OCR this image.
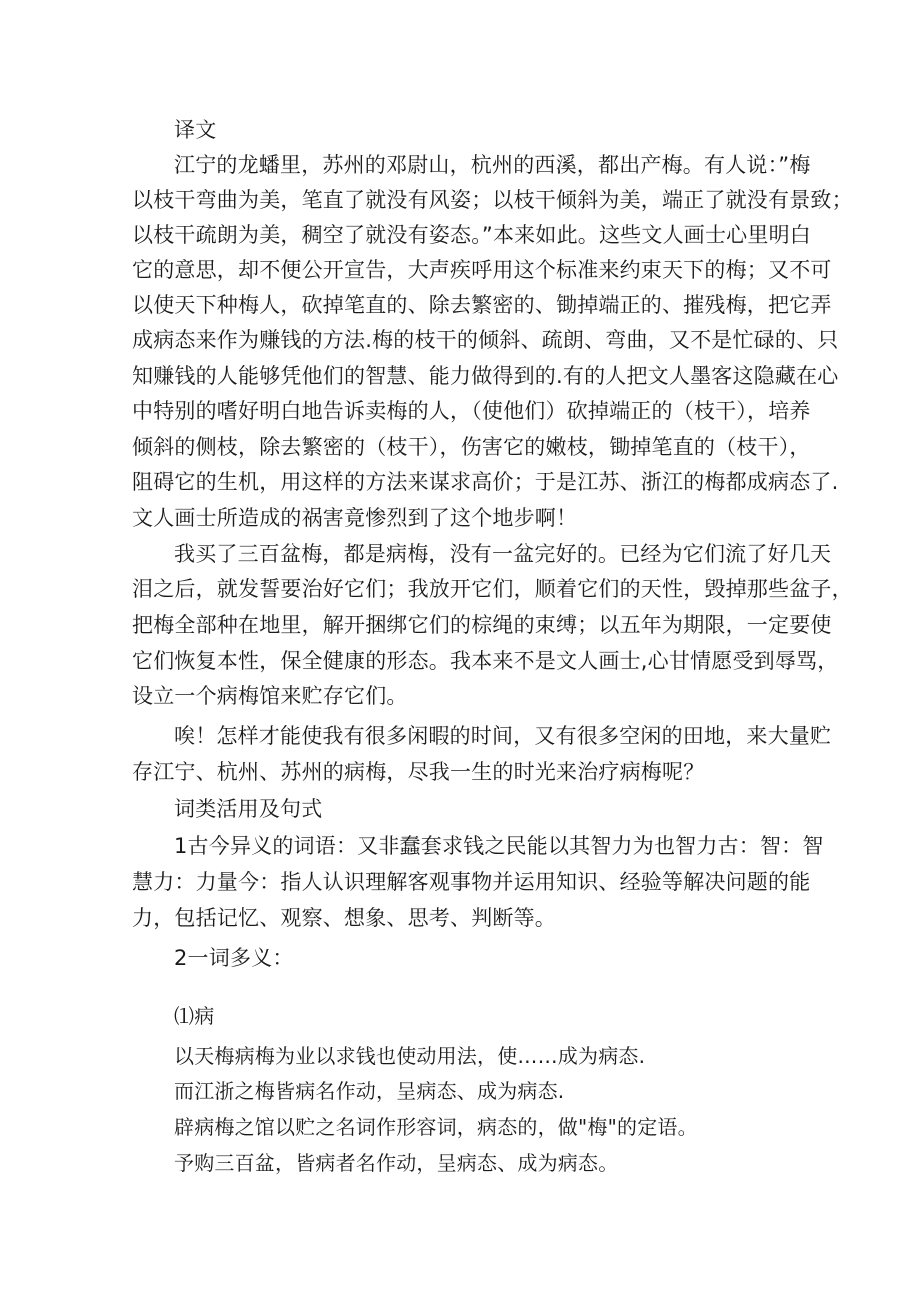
译文
江宁的龙蟠里，苏州的邓尉山，杭州的西溪，都出产梅。有人说：”梅
以枝干弯曲为美，笔直了就没有风姿；以枝干倾斜为美，端正了就没有景致；
以枝干疏朗为美，稠空了就没有姿态。”本来如此。这些文人画士心里明白
它的意思，却不便公开宣告，大声疾呼用这个标准来约束天下的梅；又不可
以使天下种梅人，砍掉笔直的、除去繁密的、锄掉端正的、摧残梅，把它弄
成病态来作为赚钱的方法.梅的枝干的倾斜、疏朗、弯曲，又不是忙碌的、只
知赚钱的人能够凭他们的智慧、能力做得到的.有的人把文人墨客这隐藏在心
中特别的嗜好明白地告诉卖梅的人，（使他们）砍掉端正的（枝干），培养
倾斜的侧枝，除去繁密的（枝干），伤害它的嫩枝，锄掉笔直的（枝干），
阻碍它的生机，用这样的方法来谋求高价；于是江苏、浙江的梅都成病态了.
文人画士所造成的祸害竟惨烈到了这个地步啊！
我买了三百盆梅，都是病梅，没有一盆完好的。已经为它们流了好几天
泪之后，就发誓要治好它们；我放开它们，顺着它们的天性，毁掉那些盆子，
把梅全部种在地里，解开捆绑它们的棕绳的束缚；以五年为期限，一定要使
它们恢复本性，保全健康的形态。我本来不是文人画士,心甘情愿受到辱骂，
设立一个病梅馆来贮存它们。
唉！怎样才能使我有很多闲暇的时间，又有很多空闲的田地，来大量贮
存江宁、杭州、苏州的病梅，尽我一生的时光来治疗病梅呢？
词类活用及句式
1古今异义的词语：又非蠢套求钱之民能以其智力为也智力古：智：智
慧力：力量今：指人认识理解客观事物并运用知识、经验等解决问题的能
力，包括记忆、观察、想象、思考、判断等。
2一词多义：
⑴病
以天梅病梅为业以求钱也使动用法，使……成为病态.
而江浙之梅皆病名作动，呈病态、成为病态.
辟病梅之馆以贮之名词作形容词，病态的，做"梅"的定语。
予购三百盆，皆病者名作动，呈病态、成为病态。
